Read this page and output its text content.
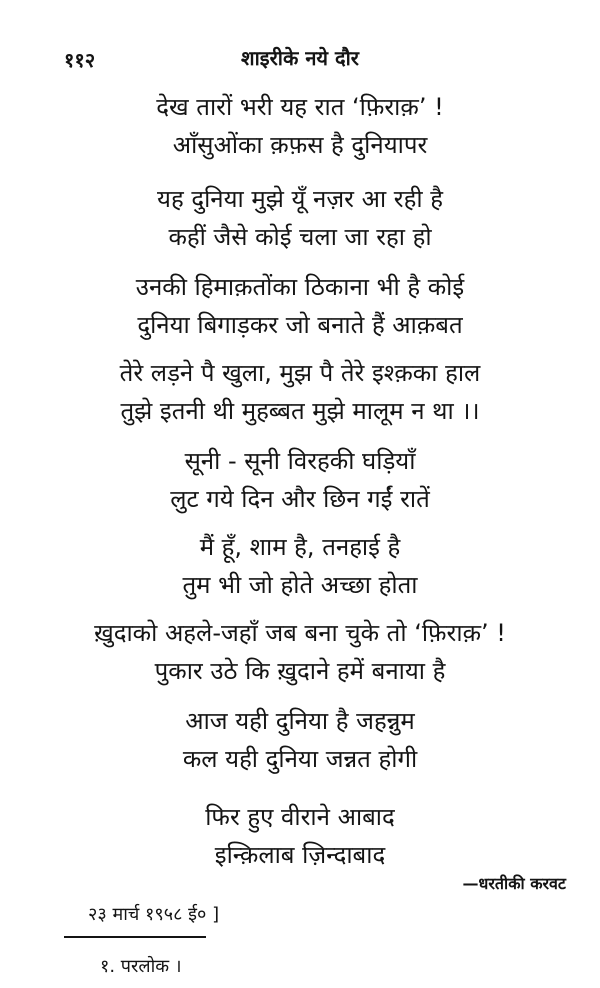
११२	शाइरीके नये दौर
देख तारों भरी यह रात ‘फ़िराक़’ !
आँसुओंका क़फ़स है दुनियापर
यह दुनिया मुझे यूँ नज़र आ रही है
कहीं जैसे कोई चला जा रहा हो
उनकी हिमाक़तोंका ठिकाना भी है कोई
दुनिया बिगाड़कर जो बनाते हैं आक़बत
तेरे लड़ने पै खुला, मुझ पै तेरे इश्क़का हाल
तुझे इतनी थी मुहब्बत मुझे मालूम न था ।।
सूनी - सूनी विरहकी घड़ियाँ
लुट गये दिन और छिन गईं रातें
मैं हूँ, शाम है, तनहाई है
तुम भी जो होते अच्छा होता
ख़ुदाको अहले-जहाँ जब बना चुके तो ‘फ़िराक़’ !
पुकार उठे कि ख़ुदाने हमें बनाया है
आज यही दुनिया है जहन्नुम
कल यही दुनिया जन्नत होगी
फिर हुए वीराने आबाद
इन्क़िलाब ज़िन्दाबाद
—धरतीकी करवट
२३ मार्च १९५८ ई० ]
१. परलोक ।
